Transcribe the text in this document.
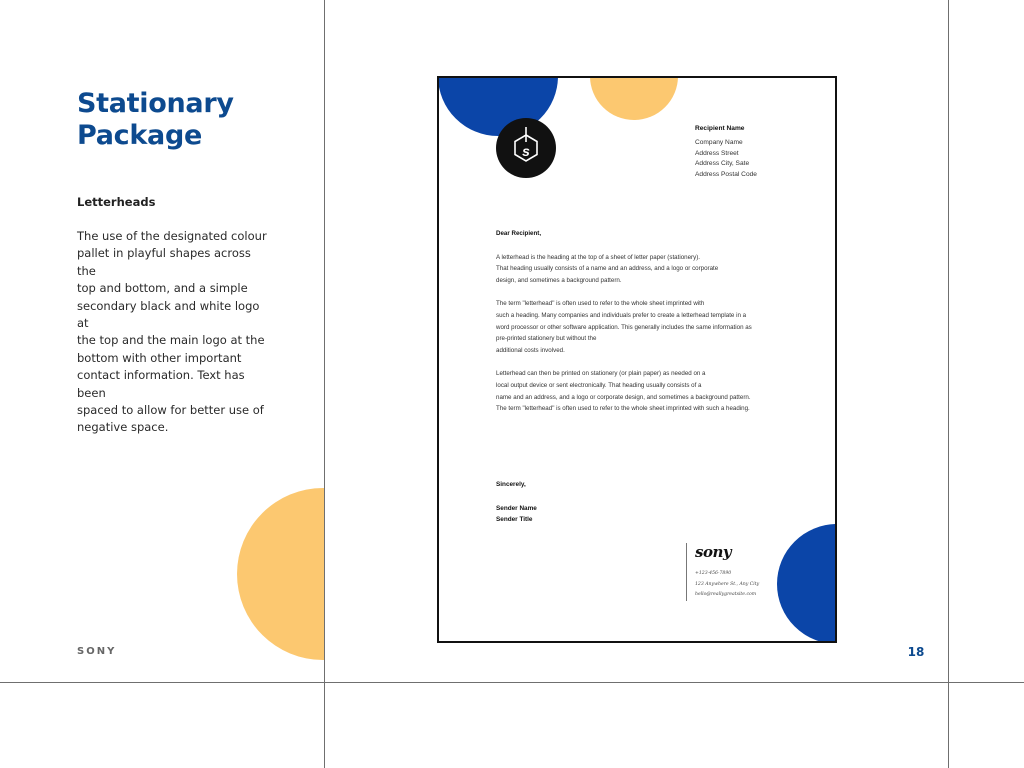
Stationary Package
Letterheads
The use of the designated colour
pallet in playful shapes across the
top and bottom, and a simple
secondary black and white logo at
the top and the main logo at the
bottom with other important
contact information. Text has been
spaced to allow for better use of
negative space.
SONY	18
s
Recipient Name
Company Name
Address Street
Address City, Sate
Address Postal Code
Dear Recipient,

A letterhead is the heading at the top of a sheet of letter paper (stationery).
That heading usually consists of a name and an address, and a logo or corporate
design, and sometimes a background pattern.

The term "letterhead" is often used to refer to the whole sheet imprinted with
such a heading. Many companies and individuals prefer to create a letterhead template in a
word processor or other software application. This generally includes the same information as
pre-printed stationery but without the
additional costs involved.

Letterhead can then be printed on stationery (or plain paper) as needed on a
local output device or sent electronically. That heading usually consists of a
name and an address, and a logo or corporate design, and sometimes a background pattern.
The term "letterhead" is often used to refer to the whole sheet imprinted with such a heading.

Sincerely,
Sender Name
Sender Title
sony
+123-456-7890
123 Anywhere St., Any City
hello@reallygreatsite.com
